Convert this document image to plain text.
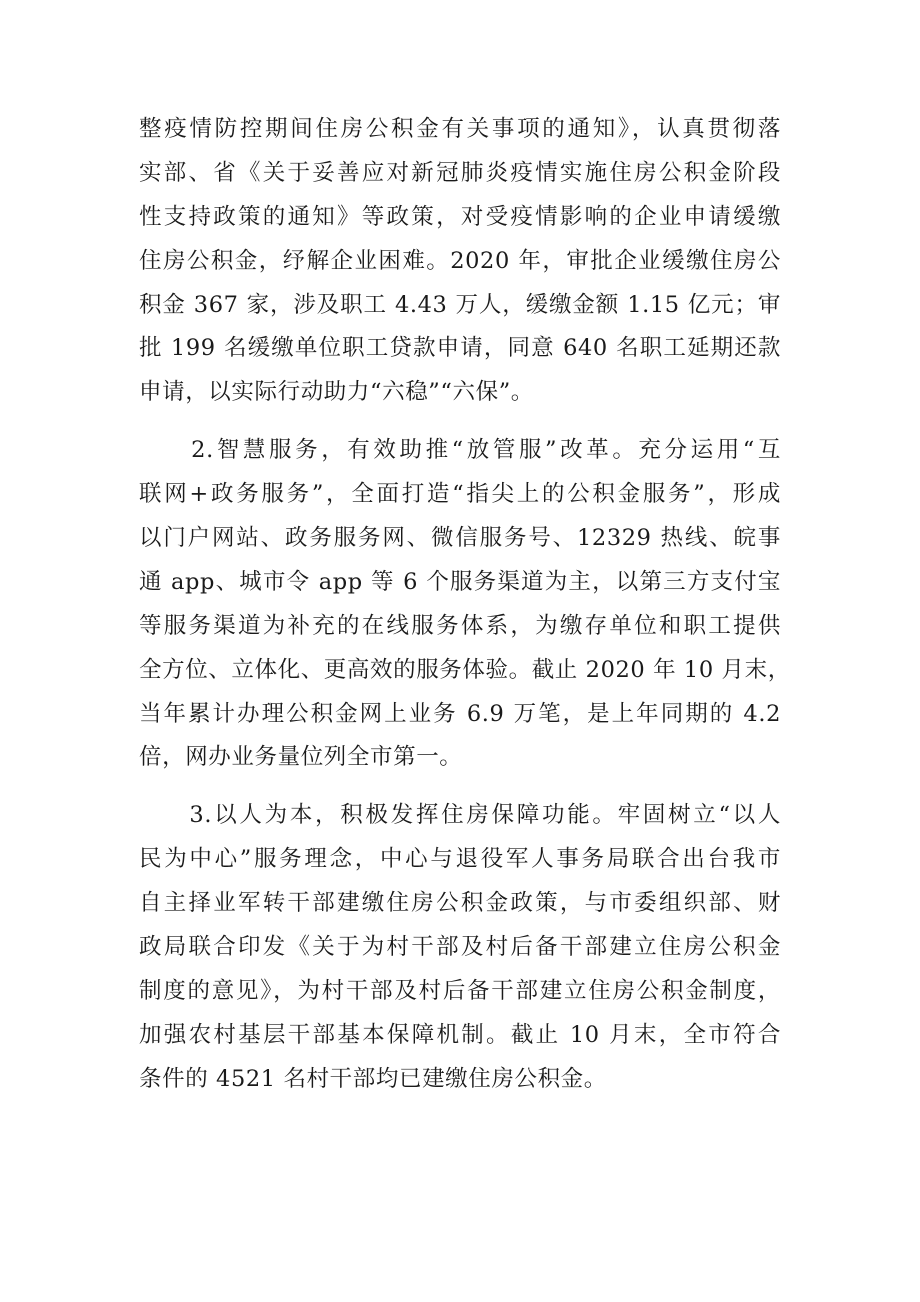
整疫情防控期间住房公积金有关事项的通知》，认真贯彻落
实部、省《关于妥善应对新冠肺炎疫情实施住房公积金阶段
性支持政策的通知》等政策，对受疫情影响的企业申请缓缴
住房公积金，纾解企业困难。2020 年，审批企业缓缴住房公
积金 367 家，涉及职工 4.43 万人，缓缴金额 1.15 亿元；审
批 199 名缓缴单位职工贷款申请，同意 640 名职工延期还款
申请，以实际行动助力“六稳”“六保”。
　　2.智慧服务，有效助推“放管服”改革。充分运用“互
联网+政务服务”，全面打造“指尖上的公积金服务”，形成
以门户网站、政务服务网、微信服务号、12329 热线、皖事
通 app、城市令 app 等 6 个服务渠道为主，以第三方支付宝
等服务渠道为补充的在线服务体系，为缴存单位和职工提供
全方位、立体化、更高效的服务体验。截止 2020 年 10 月末，
当年累计办理公积金网上业务 6.9 万笔，是上年同期的 4.2
倍，网办业务量位列全市第一。
　　3.以人为本，积极发挥住房保障功能。牢固树立“以人
民为中心”服务理念，中心与退役军人事务局联合出台我市
自主择业军转干部建缴住房公积金政策，与市委组织部、财
政局联合印发《关于为村干部及村后备干部建立住房公积金
制度的意见》，为村干部及村后备干部建立住房公积金制度，
加强农村基层干部基本保障机制。截止 10 月末，全市符合
条件的 4521 名村干部均已建缴住房公积金。
